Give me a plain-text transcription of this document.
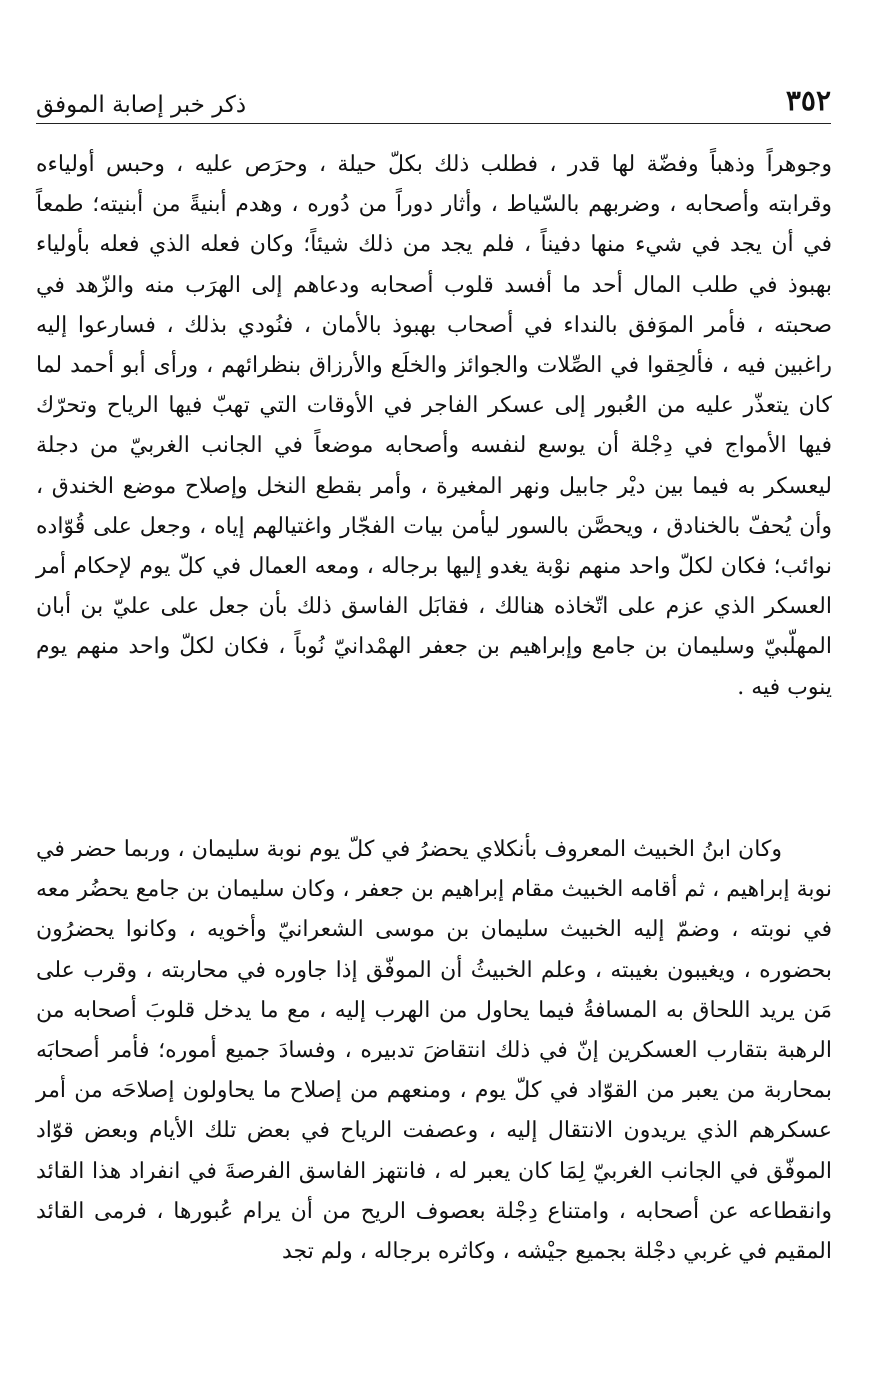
٣٥٢
ذكر خبر إصابة الموفق
وجوهراً وذهباً وفضّة لها قدر ، فطلب ذلك بكلّ حيلة ، وحرَص عليه ، وحبس أولياءه وقرابته وأصحابه ، وضربهم بالسّياط ، وأثار دوراً من دُوره ، وهدم أبنيةً من أبنيته؛ طمعاً في أن يجد في شيء منها دفيناً ، فلم يجد من ذلك شيئاً؛ وكان فعله الذي فعله بأولياء بهبوذ في طلب المال أحد ما أفسد قلوب أصحابه ودعاهم إلى الهرَب منه والزّهد في صحبته ، فأمر الموَفق بالنداء في أصحاب بهبوذ بالأمان ، فنُودي بذلك ، فسارعوا إليه راغبين فيه ، فألحِقوا في الصِّلات والجوائز والخلَع والأرزاق بنظرائهم ، ورأى أبو أحمد لما كان يتعذّر عليه من العُبور إلى عسكر الفاجر في الأوقات التي تهبّ فيها الرياح وتحرّك فيها الأمواج في دِجْلة أن يوسع لنفسه وأصحابه موضعاً في الجانب الغربيّ من دجلة ليعسكر به فيما بين ديْر جابيل ونهر المغيرة ، وأمر بقطع النخل وإصلاح موضع الخندق ، وأن يُحفّ بالخنادق ، ويحصَّن بالسور ليأمن بيات الفجّار واغتيالهم إياه ، وجعل على قُوّاده نوائب؛ فكان لكلّ واحد منهم نوْبة يغدو إليها برجاله ، ومعه العمال في كلّ يوم لإحكام أمر العسكر الذي عزم على اتّخاذه هنالك ، فقابَل الفاسق ذلك بأن جعل على عليّ بن أبان المهلّبيّ وسليمان بن جامع وإبراهيم بن جعفر الهمْدانيّ نُوباً ، فكان لكلّ واحد منهم يوم ينوب فيه .
وكان ابنُ الخبيث المعروف بأنكلاي يحضرُ في كلّ يوم نوبة سليمان ، وربما حضر في نوبة إبراهيم ، ثم أقامه الخبيث مقام إبراهيم بن جعفر ، وكان سليمان بن جامع يحضُر معه في نوبته ، وضمّ إليه الخبيث سليمان بن موسى الشعرانيّ وأخويه ، وكانوا يحضرُون بحضوره ، ويغيبون بغيبته ، وعلم الخبيثُ أن الموفّق إذا جاوره في محاربته ، وقرب على مَن يريد اللحاق به المسافةُ فيما يحاول من الهرب إليه ، مع ما يدخل قلوبَ أصحابه من الرهبة بتقارب العسكرين إنّ في ذلك انتقاضَ تدبيره ، وفسادَ جميع أموره؛ فأمر أصحابَه بمحاربة من يعبر من القوّاد في كلّ يوم ، ومنعهم من إصلاح ما يحاولون إصلاحَه من أمر عسكرهم الذي يريدون الانتقال إليه ، وعصفت الرياح في بعض تلك الأيام وبعض قوّاد الموفّق في الجانب الغربيّ لِمَا كان يعبر له ، فانتهز الفاسق الفرصةَ في انفراد هذا القائد وانقطاعه عن أصحابه ، وامتناع دِجْلة بعصوف الريح من أن يرام عُبورها ، فرمى القائد المقيم في غربي دجْلة بجميع جيْشه ، وكاثره برجاله ، ولم تجد
